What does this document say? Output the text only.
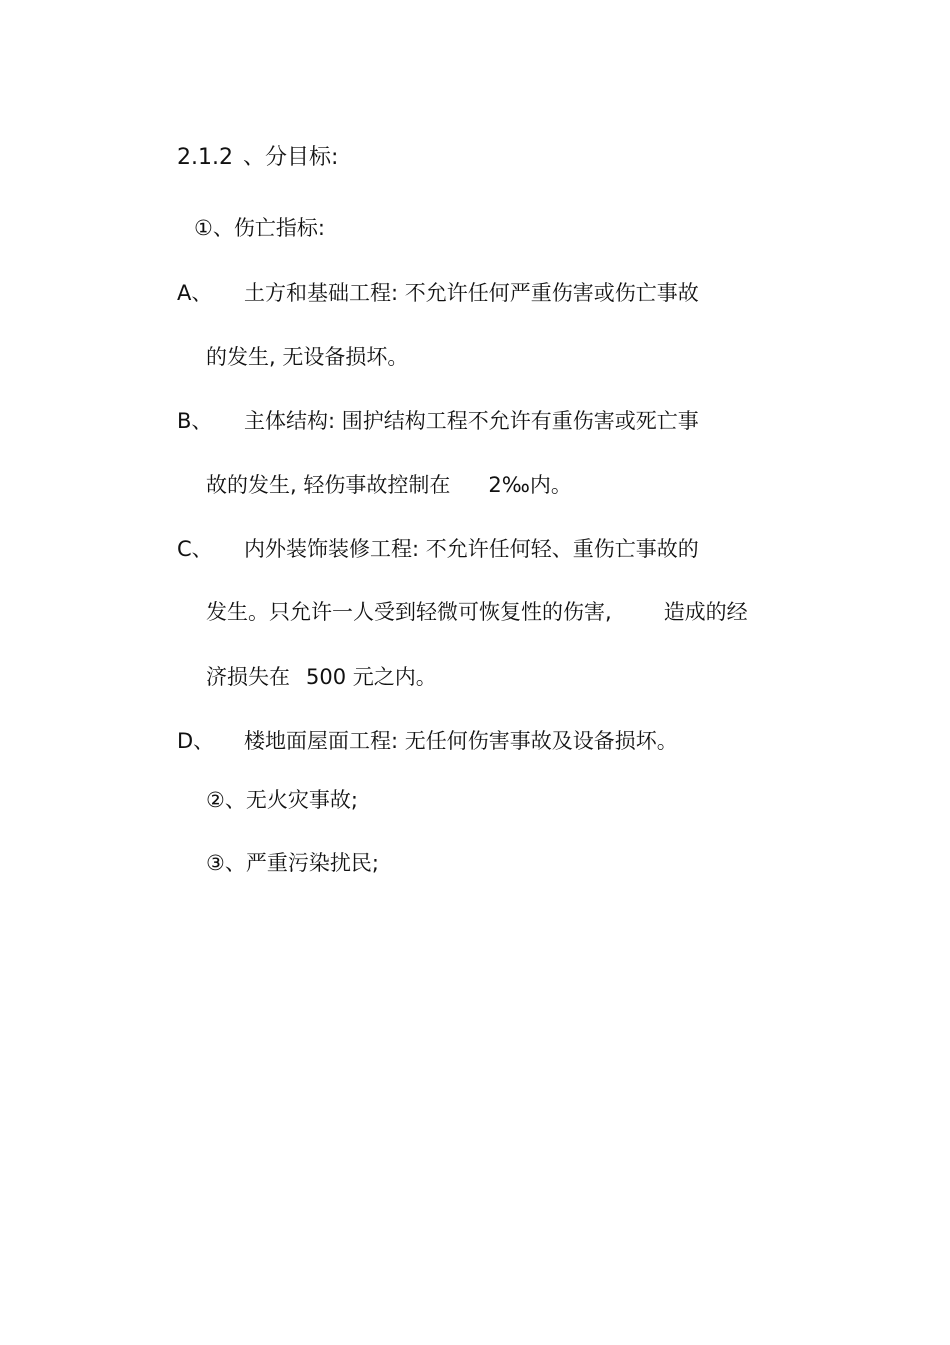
2.1.2 、分目标:
①、伤亡指标:
A、 土方和基础工程: 不允许任何严重伤害或伤亡事故
的发生, 无设备损坏。
B、 主体结构: 围护结构工程不允许有重伤害或死亡事
故的发生, 轻伤事故控制在 2‰内。
C、 内外装饰装修工程: 不允许任何轻、重伤亡事故的
发生。只允许一人受到轻微可恢复性的伤害, 造成的经
济损失在 500 元之内。
D、 楼地面屋面工程: 无任何伤害事故及设备损坏。
②、无火灾事故;
③、严重污染扰民;
